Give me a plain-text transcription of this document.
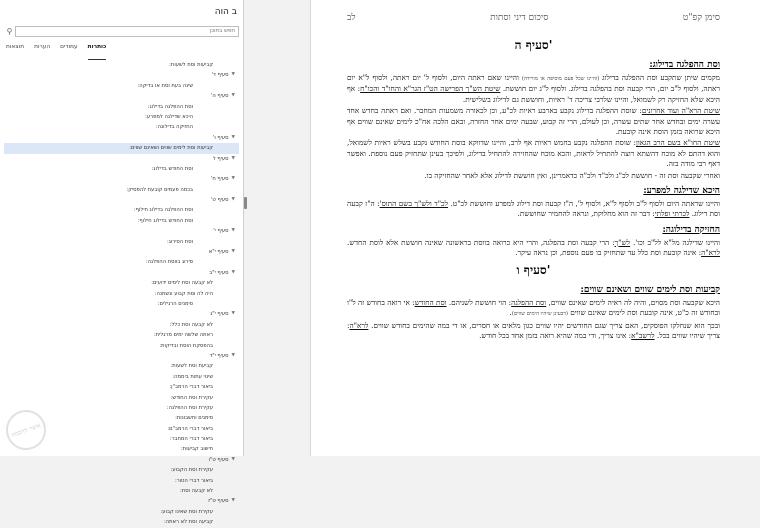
ב הוה
⚲
חפש בתוכן
כותרות
עמודים
הערות
תוצאות
קביעות וסת לשעות:
▼
סעיף ד'
שינה בעת וסת או בדיקה:
▼
סעיף ה'
וסת ההפלגה בדילוג:
היכא שדילגה למפרע:
החזיקה בדילוגה:
▼
סעיף ו'
קביעות וסת לימים שווים ושאינם שווים:
▼
סעיף ז'
וסת החודש בדילוג:
▼
סעיף ח'
בכמה פעמים קובעת להפסיק:
▼
סעיף ט'
וסת ההפלגה בדילוג חילוף:
וסת החודש בדילוג חילוף:
▼
סעיף י'
וסת הסירוג:
▼
סעיף י"א
סירוג בווסת ההפלגה:
▼
סעיף י"ב
לא קבעה וסת לימים ידועים:
היה לה וסת קבוע ונשתנה:
סימנים הרגילים:
▼
סעיף י"ג
לא קבעה וסת כלל:
ראתה שלשה ימים מרגלית:
בהפסקת הוסת ובדיקות:
▼
סעיף י"ד
קביעת וסת לשעות:
שינוי עתות ביממה:
ביאור דברי הרמב"ן:
עקירת וסת החודש:
עקירת וסת ההפלגה:
סימנים וחשבונות:
ביאור דברי הרמב"ם:
ביאור דברי המחבר:
חישוב קביעות:
▼
סעיף ט"ו
עקירת וסת הקבוע:
ביאור דברי הטור:
לא קבעה וסת:
▼
סעיף ט"ז
עקירת וסת שאינו קבוע:
קביעה וסת לא ראתה:
לב	סיכום דיני וסתות	סימן קפ"ט
סעיף ה'
וסת ההפלגה בדילוג:
מקמים שיתן שתקבע וסת ההפלגה בדילוג (והיינו שכל פעם מוסיפה או מורידה) והיינו שאם ראתה היום, ולסוף ל' יום ראתה, ולסוף ל"א יום ראתה, ולסוף ל"ב יום, הרי קבעה וסת בהפלגה בדילוג. ולסוף ל"ג יום חוששת. שיטת הש"ך הפרישה הט"ז הגר"א והחו"ד והכו"ח: אף היכא שלא החזיקה רק לשמואל, והיינו שלרבי צריכה ד' ראיות, וחוששת גם לדילוג בשלישית.
שיטת הרא"ה ועוד אחרונים: שוסת ההפלגה בדילוג נקבע בארבע ראיות לכ"ע, וכן לכאורה משמעות המחבר. ואם ראתה בחדש אחד עשרה ימים ובחדש אחר שתים עשרה, וכן לעולם, הרי זה קבוע, שבעה ימים אחר החזרה, ובאם הלכה אח"כ לימים שאינם שווים אף היכא שרואה בזמן הוסת אינה קובעת.
שיטת החו"א בשם הרב הגאון: שוסת ההפלגה נקבע בחמש ראיות אף לרב, והיינו שדווקא בוסת החודש נקבע בשלש ראיות לשמואל, והוא דהתם לא מוכח דהשתא רוצה להתחיל לראות, והכא מוכח שהחזירה להתחיל בדילוג, ולפיכך בעינן שתחזיק פעם נוספת. ואפשר דאף רבי מודה בזה.
ואחרי שקבעה וסת זה - חוששת לכ"ג ולכ"ד ולכ"ה כדאמרינן, ואין חוששת לדילוג אלא לאחר שהחזיקה בו.
היכא שדילגה למפרע:
והיינו שראתה היום ולסוף ל"ב ולסוף ל"א, ולסוף ל', ה"ז קבעה וסת דילוג למפרע וחוששת לכ"ט. לכ"ד ולש"ך בשם התוס': ה"ז קבעה וסת דילוג. לכרתי ופלתי: דבר זה הוא מחלוקת, ונראה להחמיר שחוששת.
החזיקה בדילוגה:
והיינו שדילגה מל"א לל"ב וכו'. לש"ך: הרי קבעה וסת בהפלגה, והרי היא כרואה בווסת בראשונה שאינה חוששת אלא לוסת החדש. לרא"ה: אינה קובעת וסת כלל עד שתחזיק בו פעם נוספת, וכן נראה עיקר.
סעיף ו'
קביעות וסת לימים שווים ושאינם שווים:
היכא שקבעה וסת מסוים, והיה לה ראיה לימים שאינם שווים, וסת ההפלגה: הוי חוששת לשניהם. וסת החודש: אי רואה בחודש זה ל"ו ובחודש זה כ"ט, אינה קובעת וסת לימים שאינם שווים (דבעינן שיהיו הימים שווים).
ובכך הוא שנחלקו הפוסקים, האם צריך שגם החודשים יהיו שווים כגון מלאים או חסרים, או די במה שהימים בחודש שווים. לרא"ה: צריך שיהיו שווים בכל. לרשב"א: אינו צריך, ודי במה שהיא רואה בזמן אחד בכל חודש.
אוצר החכמה
